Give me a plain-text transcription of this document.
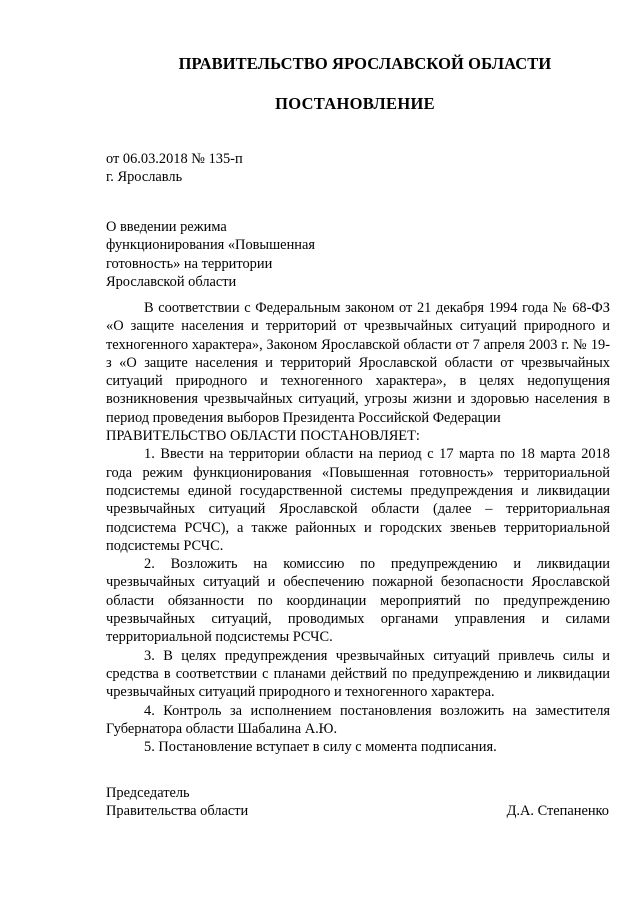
ПРАВИТЕЛЬСТВО ЯРОСЛАВСКОЙ ОБЛАСТИ
ПОСТАНОВЛЕНИЕ
от 06.03.2018 № 135-п
г. Ярославль
О введении режима
функционирования «Повышенная
готовность» на территории
Ярославской области

В соответствии с Федеральным законом от 21 декабря 1994 года № 68-ФЗ «О защите населения и территорий от чрезвычайных ситуаций природного и техногенного характера», Законом Ярославской области от 7 апреля 2003 г. № 19-з «О защите населения и территорий Ярославской области от чрезвычайных ситуаций природного и техногенного характера», в целях недопущения возникновения чрезвычайных ситуаций, угрозы жизни и здоровью населения в период проведения выборов Президента Российской Федерации

ПРАВИТЕЛЬСТВО ОБЛАСТИ ПОСТАНОВЛЯЕТ:

1. Ввести на территории области на период с 17 марта по 18 марта 2018 года режим функционирования «Повышенная готовность» территориальной подсистемы единой государственной системы предупреждения и ликвидации чрезвычайных ситуаций Ярославской области (далее – территориальная подсистема РСЧС), а также районных и городских звеньев территориальной подсистемы РСЧС.

2. Возложить на комиссию по предупреждению и ликвидации чрезвычайных ситуаций и обеспечению пожарной безопасности Ярославской области обязанности по координации мероприятий по предупреждению чрезвычайных ситуаций, проводимых органами управления и силами территориальной подсистемы РСЧС.

3. В целях предупреждения чрезвычайных ситуаций привлечь силы и средства в соответствии с планами действий по предупреждению и ликвидации чрезвычайных ситуаций природного и техногенного характера.

4. Контроль за исполнением постановления возложить на заместителя Губернатора области Шабалина А.Ю.

5. Постановление вступает в силу с момента подписания.

Председатель
Правительства области	Д.А. Степаненко
